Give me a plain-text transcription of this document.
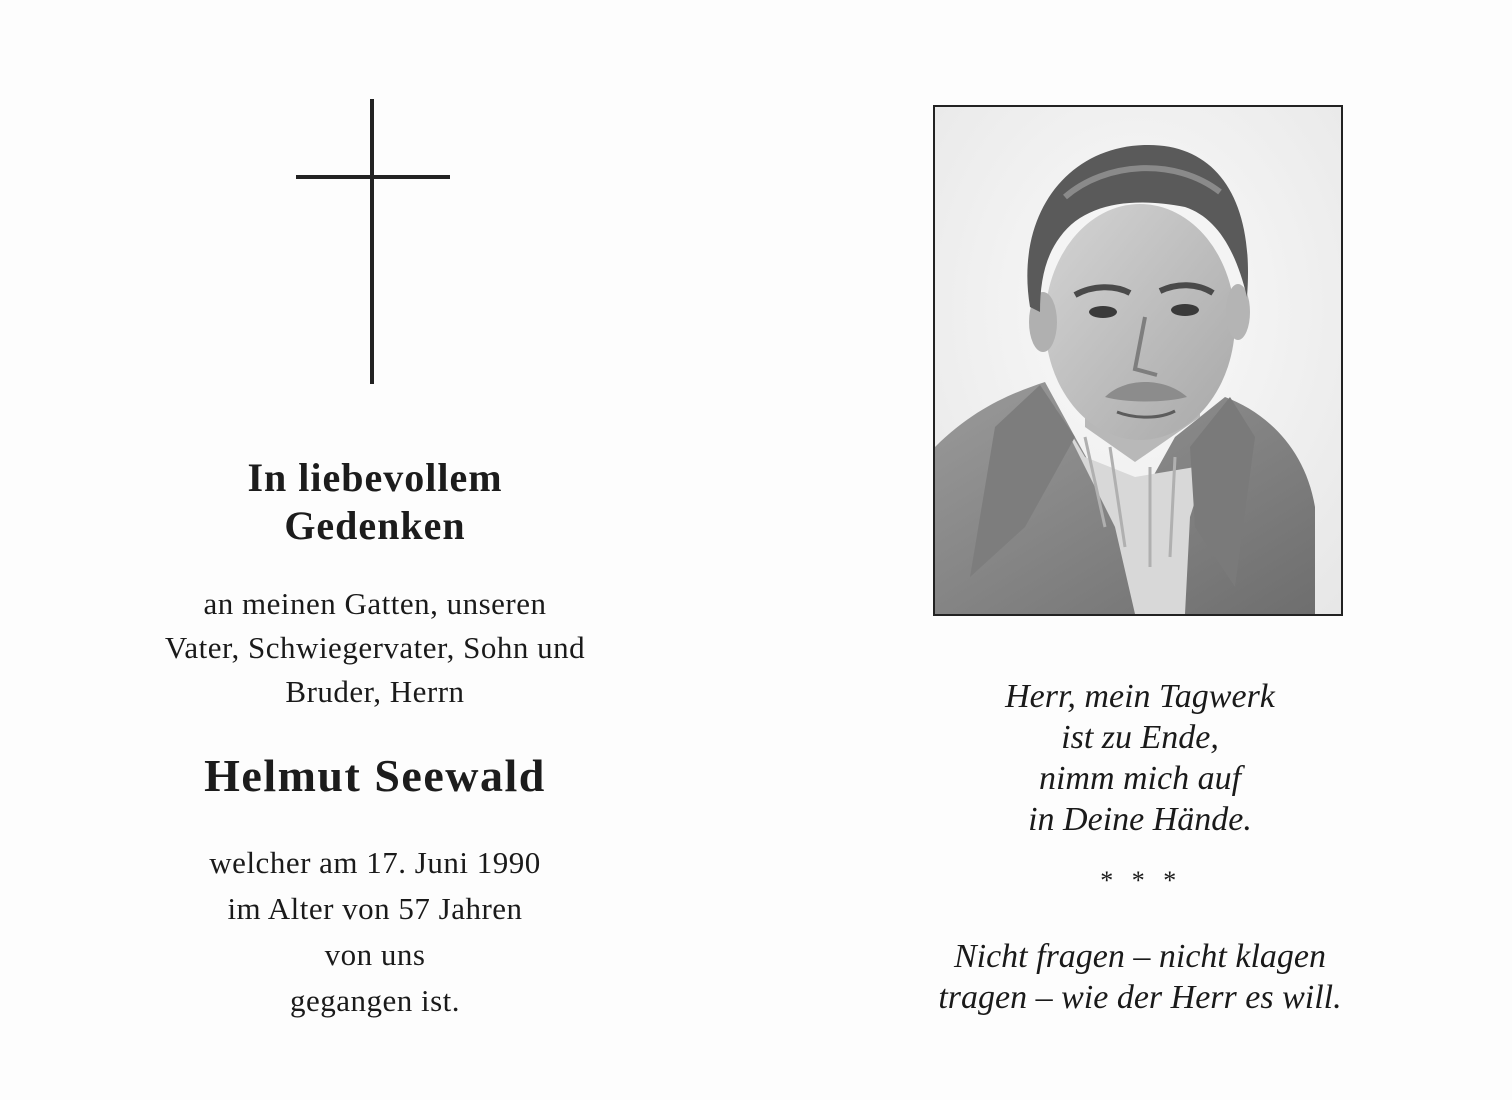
In liebevollem
Gedenken
an meinen Gatten, unseren
Vater, Schwiegervater, Sohn und
Bruder, Herrn
Helmut Seewald
welcher am 17. Juni 1990
im Alter von 57 Jahren
von uns
gegangen ist.
Herr, mein Tagwerk
ist zu Ende,
nimm mich auf
in Deine Hände.
* * *
Nicht fragen – nicht klagen
tragen – wie der Herr es will.
